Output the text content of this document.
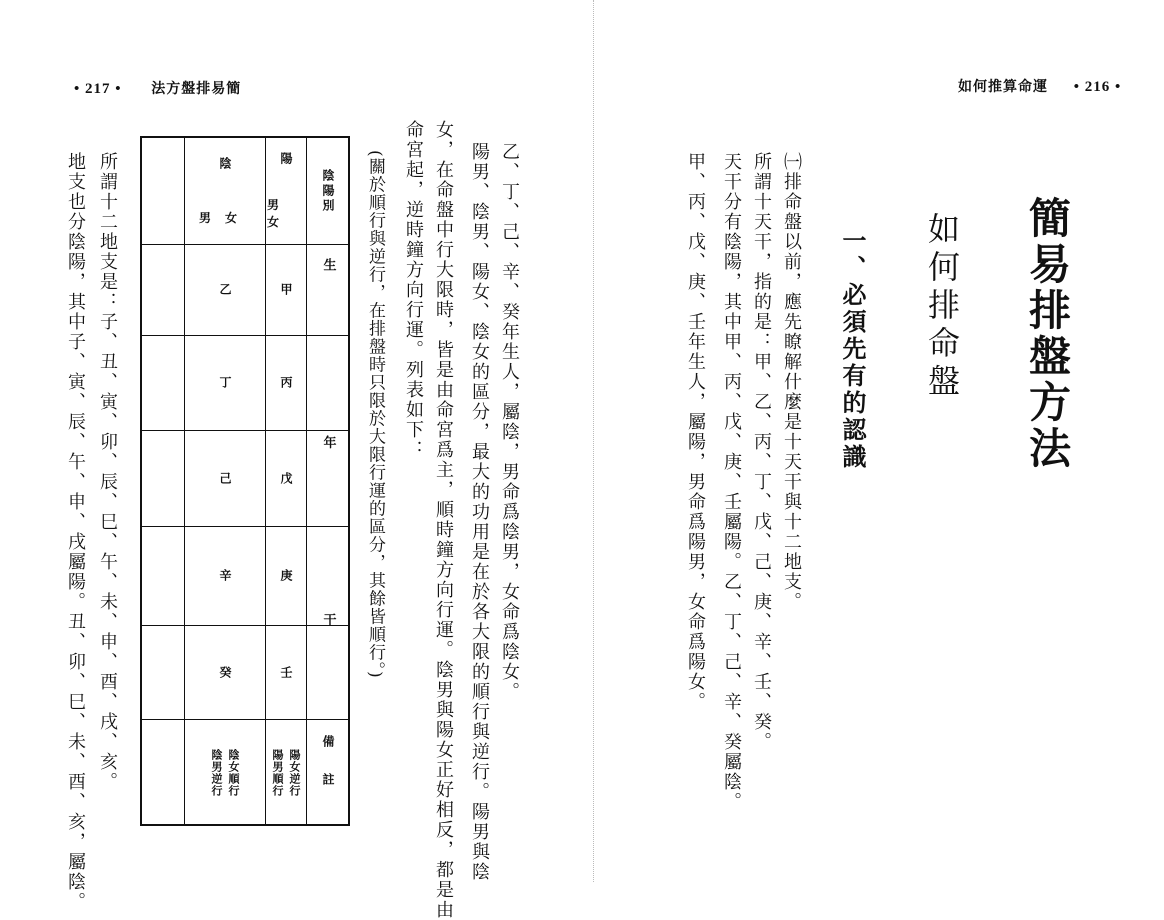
• 217 • 法方盤排易簡	如何推算命運 • 216 •
簡易排盤方法
如何排命盤
一、必須先有的認識
㈠排命盤以前，應先瞭解什麼是十天干與十二地支。
所謂十天干，指的是：甲、乙、丙、丁、戊、己、庚、辛、壬、癸。
天干分有陰陽，其中甲、丙、戊、庚、壬屬陽。乙、丁、己、辛、癸屬陰。
甲、丙、戊、庚、壬年生人，屬陽，男命爲陽男，女命爲陽女。
乙、丁、己、辛、癸年生人，屬陰，男命爲陰男，女命爲陰女。
陽男、陰男、陽女、陰女的區分，最大的功用是在於各大限的順行與逆行。陽男與陰
女，在命盤中行大限時，皆是由命宮爲主，順時鐘方向行運。陰男與陽女正好相反，都是由
命宮起，逆時鐘方向行運。列表如下：
(關於順行與逆行，在排盤時只限於大限行運的區分，其餘皆順行。)
陰陽別
生 年 干
備註
陽
男女
甲
丙
戊
庚
壬
陽男順行 陽女逆行
陰
男女
乙
丁
己
辛
癸
陰男逆行 陰女順行
所謂十二地支是：子、丑、寅、卯、辰、巳、午、未、申、酉、戌、亥。
地支也分陰陽，其中子、寅、辰、午、申、戌屬陽。丑、卯、巳、未、酉、亥，屬陰。
